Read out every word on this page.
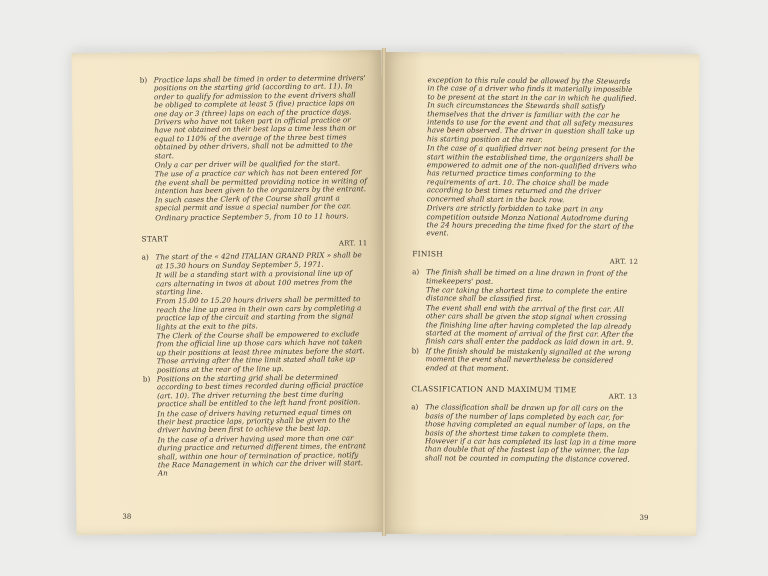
b) Practice laps shall be timed in order to determine drivers' positions on the starting grid (according to art. 11). In order to qualify for admission to the event drivers shall be obliged to complete at least 5 (five) practice laps on one day or 3 (three) laps on each of the practice days. Drivers who have not taken part in official practice or have not obtained on their best laps a time less than or equal to 110% of the average of the three best times obtained by other drivers, shall not be admitted to the start.

Only a car per driver will be qualified for the start.

The use of a practice car which has not been entered for the event shall be permitted providing notice in writing of intention has been given to the organizers by the entrant. In such cases the Clerk of the Course shall grant a special permit and issue a special number for the car.

Ordinary practice September 5, from 10 to 11 hours.

START	ART. 11
a) The start of the « 42nd ITALIAN GRAND PRIX » shall be at 15.30 hours on Sunday September 5, 1971.

It will be a standing start with a provisional line up of cars alternating in twos at about 100 metres from the starting line.

From 15.00 to 15.20 hours drivers shall be permitted to reach the line up area in their own cars by completing a practice lap of the circuit and starting from the signal lights at the exit to the pits.

The Clerk of the Course shall be empowered to exclude from the official line up those cars which have not taken up their positions at least three minutes before the start. Those arriving after the time limit stated shall take up positions at the rear of the line up.

b) Positions on the starting grid shall be determined according to best times recorded during official practice (art. 10). The driver returning the best time during practice shall be entitled to the left hand front position.

In the case of drivers having returned equal times on their best practice laps, priority shall be given to the driver having been first to achieve the best lap.

In the case of a driver having used more than one car during practice and returned different times, the entrant shall, within one hour of termination of practice, notify the Race Management in which car the driver will start. An

38

exception to this rule could be allowed by the Stewards in the case of a driver who finds it materially impossible to be present at the start in the car in which he qualified. In such circumstances the Stewards shall satisfy themselves that the driver is familiar with the car he intends to use for the event and that all safety measures have been observed. The driver in question shall take up his starting position at the rear.

In the case of a qualified driver not being present for the start within the established time, the organizers shall be empowered to admit one of the non-qualified drivers who has returned practice times conforming to the requirements of art. 10. The choice shall be made according to best times returned and the driver concerned shall start in the back row.

Drivers are strictly forbidden to take part in any competition outside Monza National Autodrome during the 24 hours preceding the time fixed for the start of the event.

FINISH
ART. 12
a) The finish shall be timed on a line drawn in front of the timekeepers' post.

The car taking the shortest time to complete the entire distance shall be classified first.

The event shall end with the arrival of the first car. All other cars shall be given the stop signal when crossing the finishing line after having completed the lap already started at the moment of arrival of the first car. After the finish cars shall enter the paddock as laid down in art. 9.

b) If the finish should be mistakenly signalled at the wrong moment the event shall nevertheless be considered ended at that moment.

CLASSIFICATION AND MAXIMUM TIME
ART. 13
a) The classification shall be drawn up for all cars on the basis of the number of laps completed by each car, for those having completed an equal number of laps, on the basis of the shortest time taken to complete them. However if a car has completed its last lap in a time more than double that of the fastest lap of the winner, the lap shall not be counted in computing the distance covered.

39
